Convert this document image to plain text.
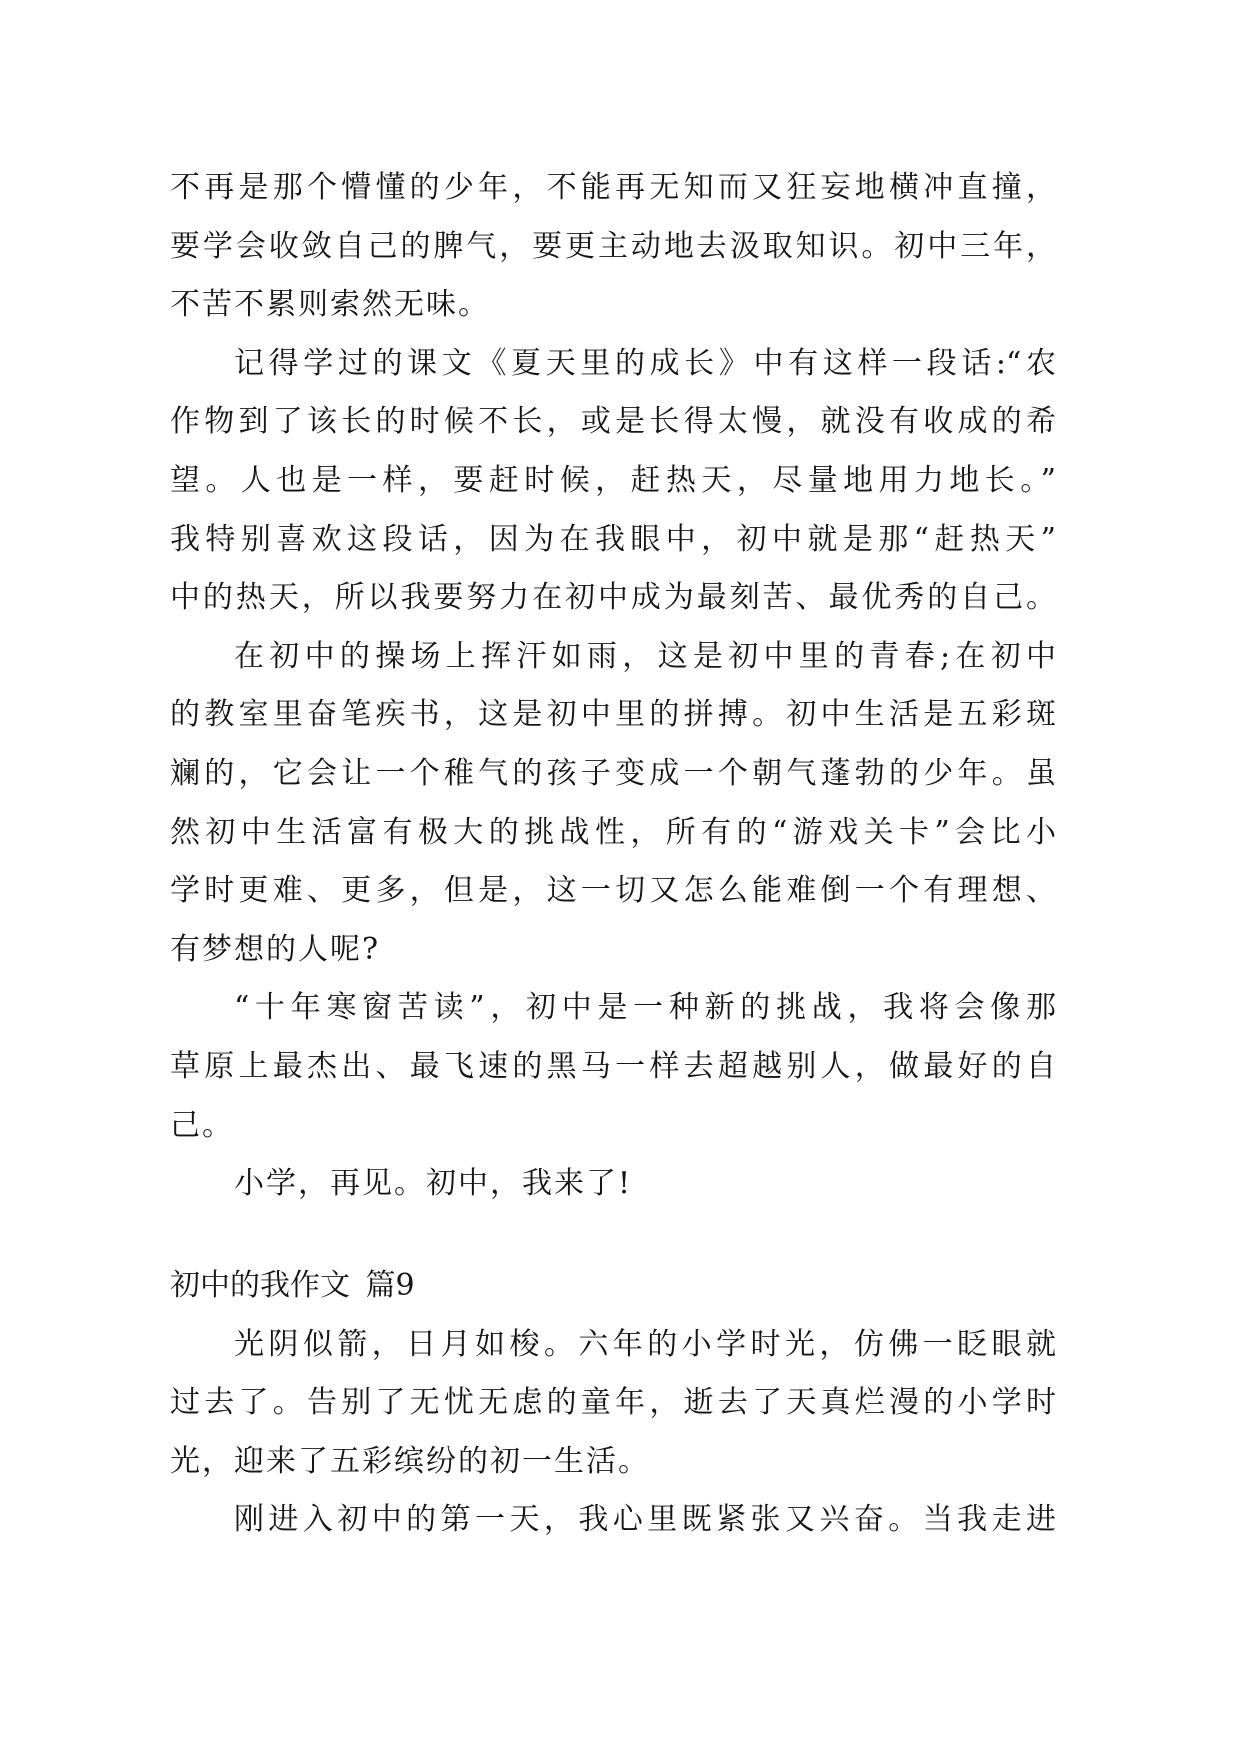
不再是那个懵懂的少年，不能再无知而又狂妄地横冲直撞，
要学会收敛自己的脾气，要更主动地去汲取知识。初中三年，
不苦不累则索然无味。
记得学过的课文《夏天里的成长》中有这样一段话:“农
作物到了该长的时候不长，或是长得太慢，就没有收成的希
望。人也是一样，要赶时候，赶热天，尽量地用力地长。”
我特别喜欢这段话，因为在我眼中，初中就是那“赶热天”
中的热天，所以我要努力在初中成为最刻苦、最优秀的自己。
在初中的操场上挥汗如雨，这是初中里的青春;在初中
的教室里奋笔疾书，这是初中里的拼搏。初中生活是五彩斑
斓的，它会让一个稚气的孩子变成一个朝气蓬勃的少年。虽
然初中生活富有极大的挑战性，所有的“游戏关卡”会比小
学时更难、更多，但是，这一切又怎么能难倒一个有理想、
有梦想的人呢?
“十年寒窗苦读”，初中是一种新的挑战，我将会像那
草原上最杰出、最飞速的黑马一样去超越别人，做最好的自
己。
小学，再见。初中，我来了!
初中的我作文 篇9
光阴似箭，日月如梭。六年的小学时光，仿佛一眨眼就
过去了。告别了无忧无虑的童年，逝去了天真烂漫的小学时
光，迎来了五彩缤纷的初一生活。
刚进入初中的第一天，我心里既紧张又兴奋。当我走进
